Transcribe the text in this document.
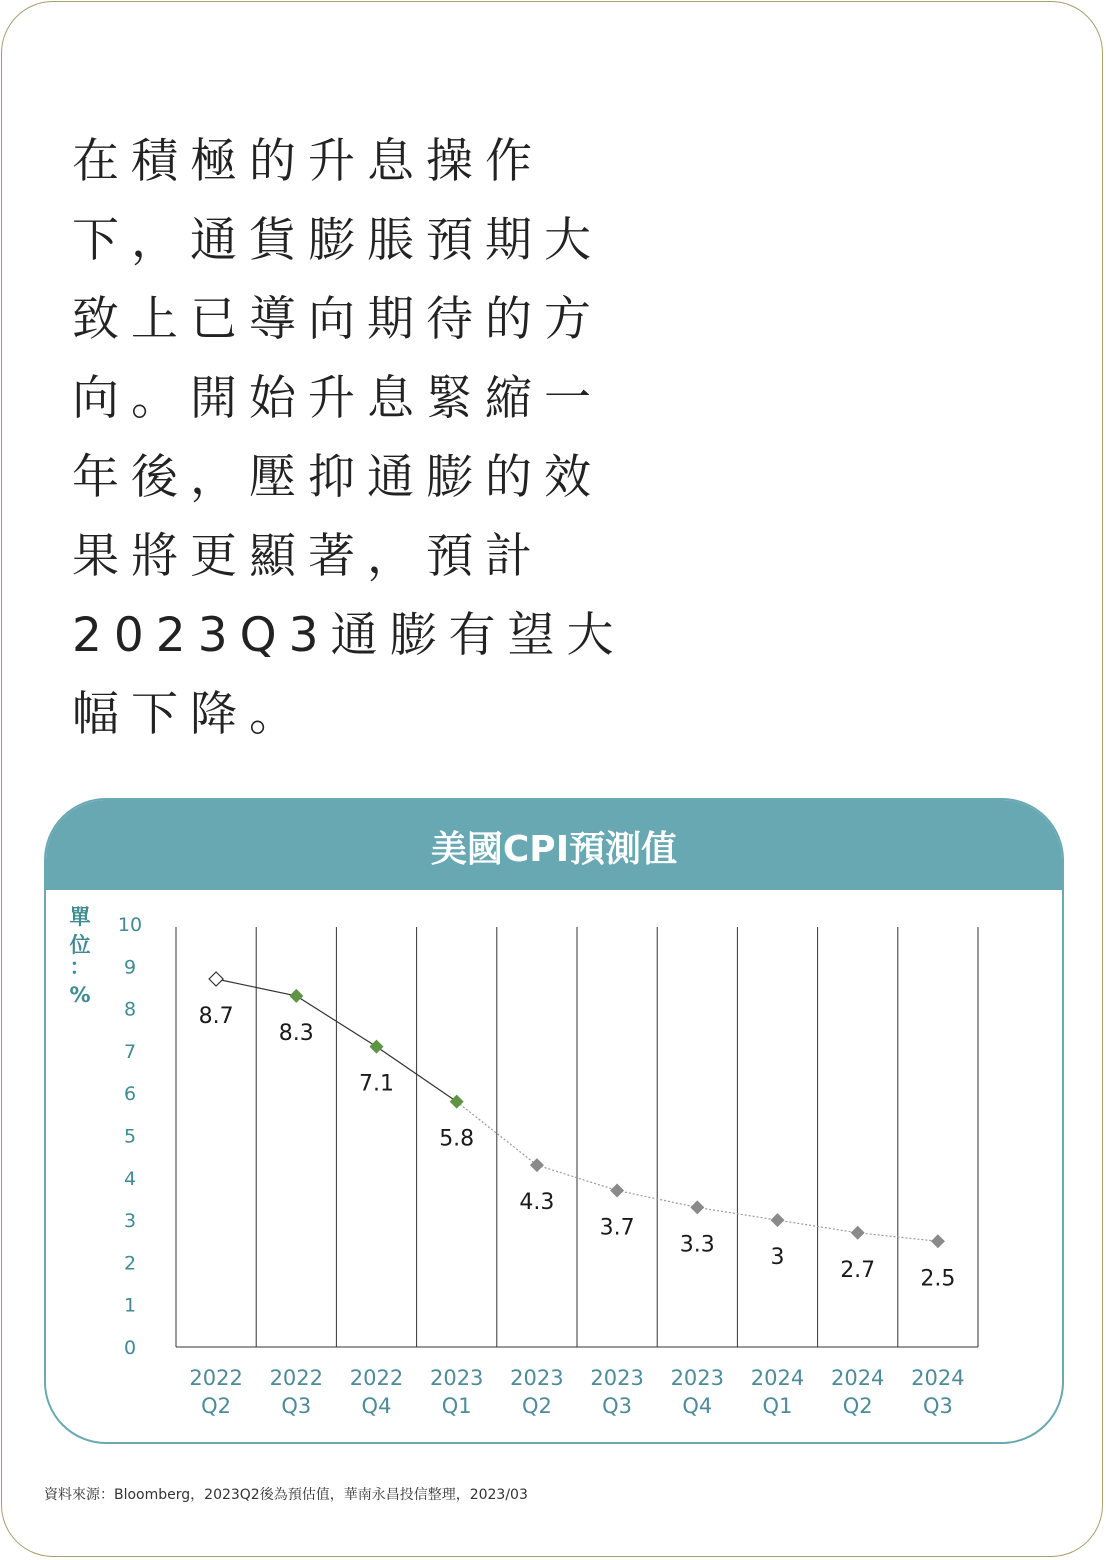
在積極的升息操作下，通貨膨脹預期大致上已導向期待的方向。開始升息緊縮一年後，壓抑通膨的效果將更顯著，預計2023Q3通膨有望大幅下降。

美國CPI預測值
0
1
2
3
4
5
6
7
8
9
10
單
位
：
%
8.7
8.3
7.1
5.8
4.3
3.7
3.3
3
2.7 2.5
2022
Q2
2022
Q3
2022
Q4
2023
Q1
2023
Q2
2023
Q3
2023
Q4
2024
Q1
2024
Q2
2024
Q3
資料來源：Bloomberg，2023Q2後為預估值，華南永昌投信整理，2023/03
